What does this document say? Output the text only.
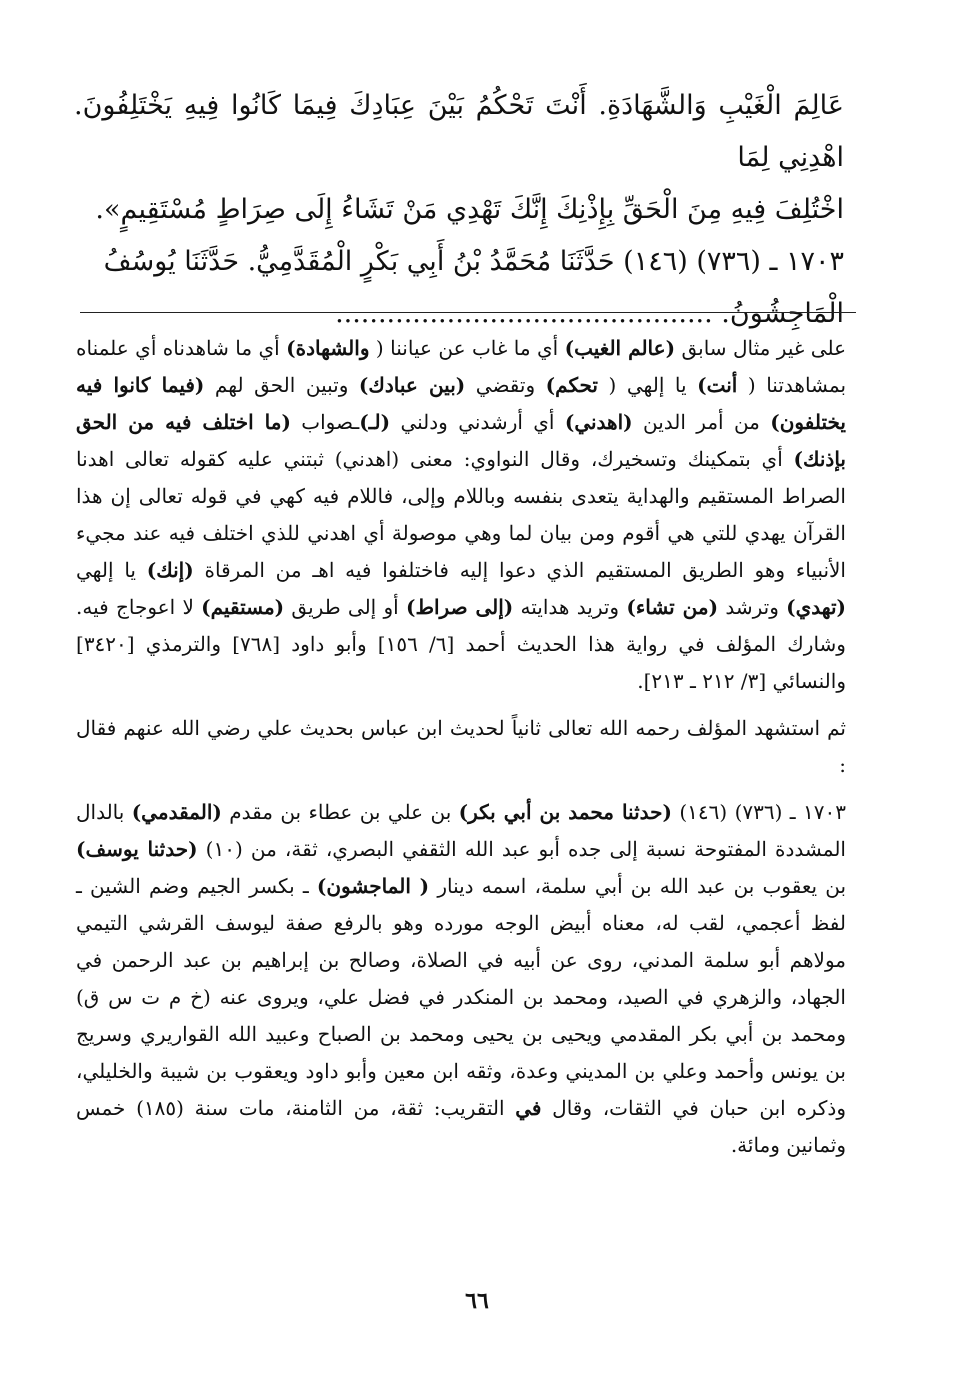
عَالِمَ الْغَيْبِ وَالشَّهَادَةِ. أَنْتَ تَحْكُمُ بَيْنَ عِبَادِكَ فِيمَا كَانُوا فِيهِ يَخْتَلِفُونَ. اهْدِنِي لِمَا

اخْتُلِفَ فِيهِ مِنَ الْحَقِّ بِإِذْنِكَ إِنَّكَ تَهْدِي مَنْ تَشَاءُ إِلَى صِرَاطٍ مُسْتَقِيمٍ».

١٧٠٣ ـ (٧٣٦) (١٤٦) حَدَّثَنَا مُحَمَّدُ بْنُ أَبِي بَكْرٍ الْمُقَدَّمِيُّ. حَدَّثَنَا يُوسُفُ

الْمَاجِشُونُ. ............................................

على غير مثال سابق (عالم الغيب) أي ما غاب عن عياننا ( والشهادة) أي ما شاهدناه أي علمناه بمشاهدتنا ( أنت) يا إلهي ( تحكم) وتقضي (بين عبادك) وتبين الحق لهم (فيما كانوا فيه يختلفون) من أمر الدين (اهدني) أي أرشدني ودلني (لـ)ـصواب (ما اختلف فيه من الحق بإذنك) أي بتمكينك وتسخيرك، وقال النواوي: معنى (اهدني) ثبتني عليه كقوله تعالى اهدنا الصراط المستقيم والهداية يتعدى بنفسه وباللام وإلى، فاللام فيه كهي في قوله تعالى إن هذا القرآن يهدي للتي هي أقوم ومن بيان لما وهي موصولة أي اهدني للذي اختلف فيه عند مجيء الأنبياء وهو الطريق المستقيم الذي دعوا إليه فاختلفوا فيه اهـ من المرقاة (إنك) يا إلهي (تهدي) وترشد (من تشاء) وتريد هدايته (إلى صراط) أو إلى طريق (مستقيم) لا اعوجاج فيه. وشارك المؤلف في رواية هذا الحديث أحمد [٦/ ١٥٦] وأبو داود [٧٦٨] والترمذي [٣٤٢٠] والنسائي [٣/ ٢١٢ ـ ٢١٣].

ثم استشهد المؤلف رحمه الله تعالى ثانياً لحديث ابن عباس بحديث علي رضي الله عنهم فقال :

١٧٠٣ ـ (٧٣٦) (١٤٦) (حدثنا محمد بن أبي بكر) بن علي بن عطاء بن مقدم (المقدمي) بالدال المشددة المفتوحة نسبة إلى جده أبو عبد الله الثقفي البصري، ثقة، من (١٠) (حدثنا يوسف) بن يعقوب بن عبد الله بن أبي سلمة، اسمه دينار ( الماجشون) ـ بكسر الجيم وضم الشين ـ لفظ أعجمي، لقب له، معناه أبيض الوجه مورده وهو بالرفع صفة ليوسف القرشي التيمي مولاهم أبو سلمة المدني، روى عن أبيه في الصلاة، وصالح بن إبراهيم بن عبد الرحمن في الجهاد، والزهري في الصيد، ومحمد بن المنكدر في فضل علي، ويروى عنه (خ م ت س ق) ومحمد بن أبي بكر المقدمي ويحيى بن يحيى ومحمد بن الصباح وعبيد الله القواريري وسريج بن يونس وأحمد وعلي بن المديني وعدة، وثقه ابن معين وأبو داود ويعقوب بن شيبة والخليلي، وذكره ابن حبان في الثقات، وقال في التقريب: ثقة، من الثامنة، مات سنة (١٨٥) خمس وثمانين ومائة.

٦٦
